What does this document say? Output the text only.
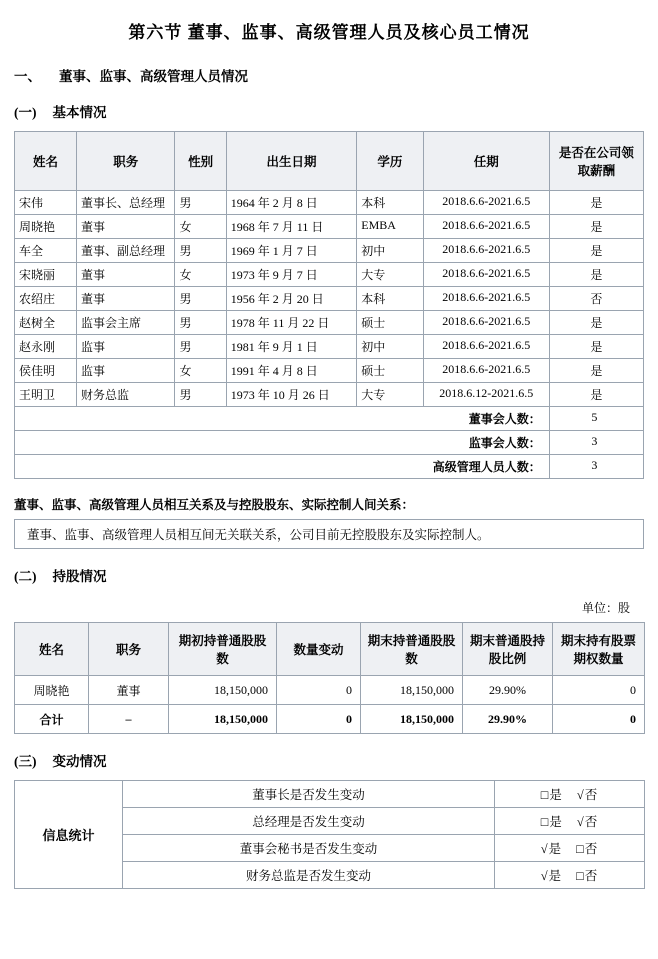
第六节 董事、监事、高级管理人员及核心员工情况
一、 董事、监事、高级管理人员情况
(一) 基本情况
姓名	职务	性别	出生日期	学历	任期	是否在公司领取薪酬
宋伟	董事长、总经理	男	1964 年 2 月 8 日	本科	2018.6.6-2021.6.5	是
周晓艳	董事	女	1968 年 7 月 11 日	EMBA	2018.6.6-2021.6.5	是
车全	董事、副总经理	男	1969 年 1 月 7 日	初中	2018.6.6-2021.6.5	是
宋晓丽	董事	女	1973 年 9 月 7 日	大专	2018.6.6-2021.6.5	是
农绍庄	董事	男	1956 年 2 月 20 日	本科	2018.6.6-2021.6.5	否
赵树全	监事会主席	男	1978 年 11 月 22 日	硕士	2018.6.6-2021.6.5	是
赵永刚	监事	男	1981 年 9 月 1 日	初中	2018.6.6-2021.6.5	是
侯佳明	监事	女	1991 年 4 月 8 日	硕士	2018.6.6-2021.6.5	是
王明卫	财务总监	男	1973 年 10 月 26 日	大专	2018.6.12-2021.6.5	是
董事会人数：						5
监事会人数：						3
高级管理人员人数：						3
董事、监事、高级管理人员相互关系及与控股股东、实际控制人间关系：
董事、监事、高级管理人员相互间无关联关系，公司目前无控股股东及实际控制人。
(二) 持股情况
单位：股
姓名	职务	期初持普通股股数	数量变动	期末持普通股股数	期末普通股持股比例	期末持有股票期权数量
周晓艳	董事	18,150,000	0	18,150,000	29.90%	0
合计	–	18,150,000	0	18,150,000	29.90%	0
(三) 变动情况
信息统计	董事长是否发生变动	□是 √否
	总经理是否发生变动	□是 √否
	董事会秘书是否发生变动	√是 □否
	财务总监是否发生变动	√是 □否
